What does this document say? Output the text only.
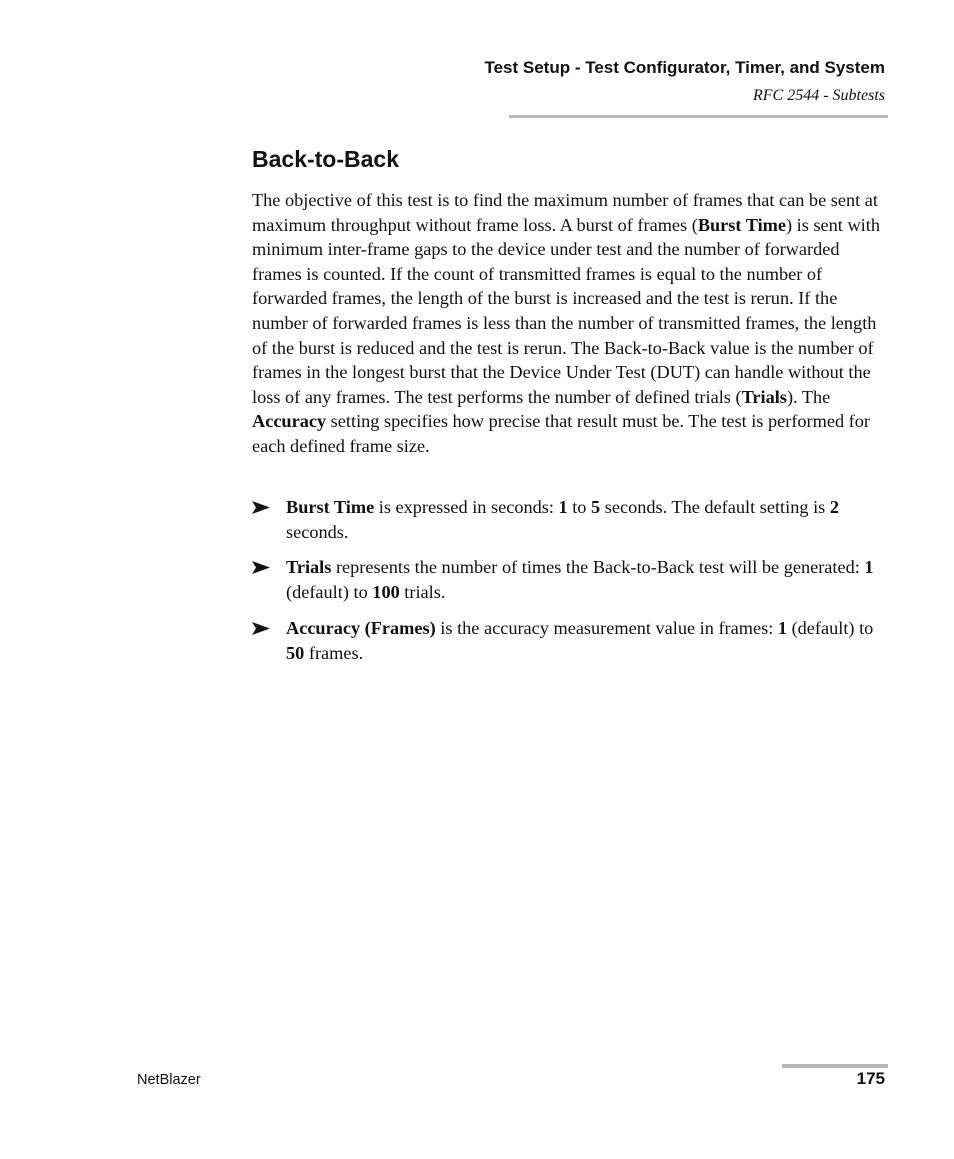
Test Setup - Test Configurator, Timer, and System
RFC 2544 - Subtests
Back-to-Back

The objective of this test is to find the maximum number of frames that can be sent at maximum throughput without frame loss. A burst of frames (Burst Time) is sent with minimum inter-frame gaps to the device under test and the number of forwarded frames is counted. If the count of transmitted frames is equal to the number of forwarded frames, the length of the burst is increased and the test is rerun. If the number of forwarded frames is less than the number of transmitted frames, the length of the burst is reduced and the test is rerun. The Back-to-Back value is the number of frames in the longest burst that the Device Under Test (DUT) can handle without the loss of any frames. The test performs the number of defined trials (Trials). The Accuracy setting specifies how precise that result must be. The test is performed for each defined frame size.

Burst Time is expressed in seconds: 1 to 5 seconds. The default setting is 2 seconds.
Trials represents the number of times the Back-to-Back test will be generated: 1 (default) to 100 trials.
Accuracy (Frames) is the accuracy measurement value in frames: 1 (default) to 50 frames.
NetBlazer	175
